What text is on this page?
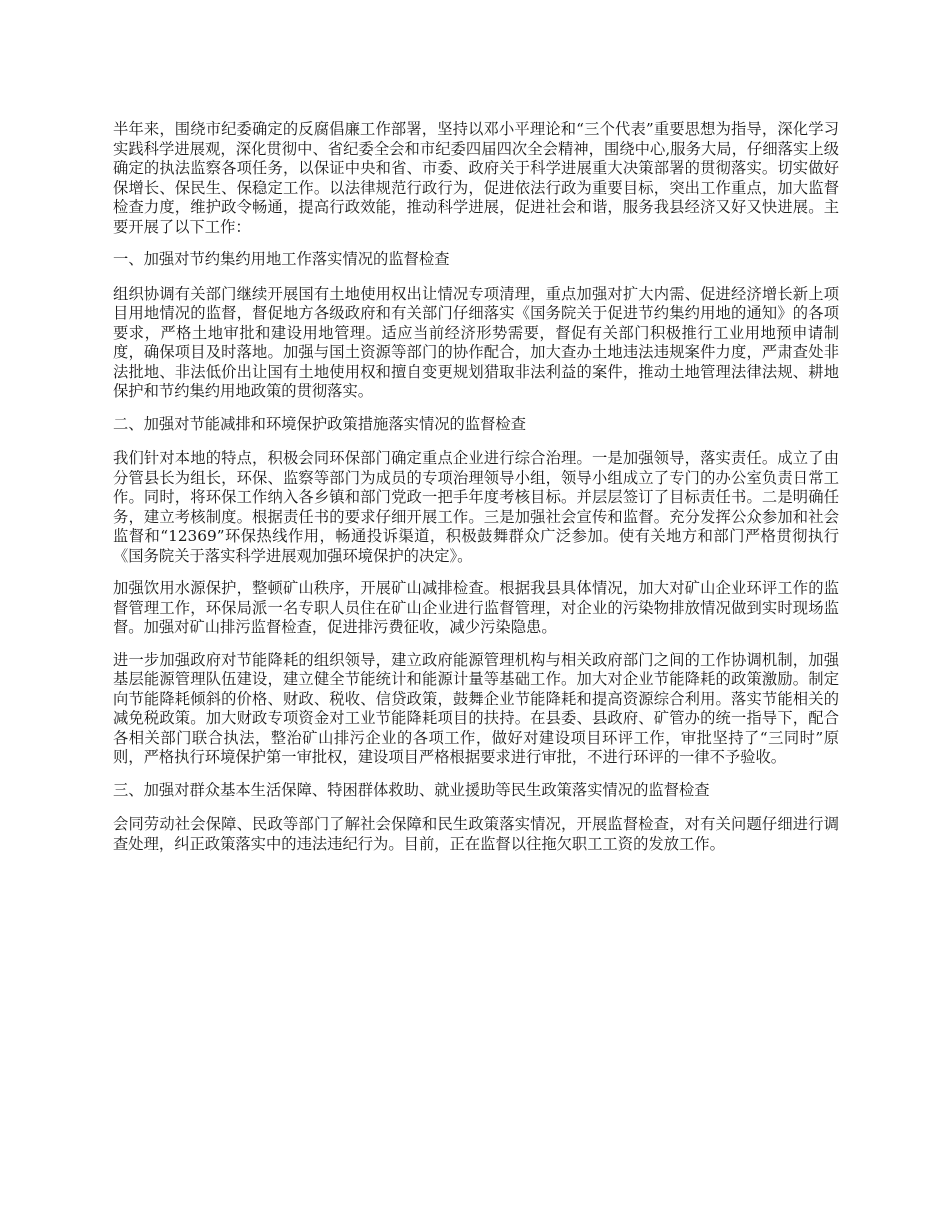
半年来，围绕市纪委确定的反腐倡廉工作部署，坚持以邓小平理论和“三个代表”重要思想为指导，深化学习实践科学进展观，深化贯彻中、省纪委全会和市纪委四届四次全会精神，围绕中心,服务大局，仔细落实上级确定的执法监察各项任务，以保证中央和省、市委、政府关于科学进展重大决策部署的贯彻落实。切实做好保增长、保民生、保稳定工作。以法律规范行政行为，促进依法行政为重要目标，突出工作重点，加大监督检查力度，维护政令畅通，提高行政效能，推动科学进展，促进社会和谐，服务我县经济又好又快进展。主要开展了以下工作：

一、加强对节约集约用地工作落实情况的监督检查

组织协调有关部门继续开展国有土地使用权出让情况专项清理，重点加强对扩大内需、促进经济增长新上项目用地情况的监督，督促地方各级政府和有关部门仔细落实《国务院关于促进节约集约用地的通知》的各项要求，严格土地审批和建设用地管理。适应当前经济形势需要，督促有关部门积极推行工业用地预申请制度，确保项目及时落地。加强与国土资源等部门的协作配合，加大查办土地违法违规案件力度，严肃查处非法批地、非法低价出让国有土地使用权和擅自变更规划猎取非法利益的案件，推动土地管理法律法规、耕地保护和节约集约用地政策的贯彻落实。

二、加强对节能减排和环境保护政策措施落实情况的监督检查

我们针对本地的特点，积极会同环保部门确定重点企业进行综合治理。一是加强领导，落实责任。成立了由分管县长为组长，环保、监察等部门为成员的专项治理领导小组，领导小组成立了专门的办公室负责日常工作。同时，将环保工作纳入各乡镇和部门党政一把手年度考核目标。并层层签订了目标责任书。二是明确任务，建立考核制度。根据责任书的要求仔细开展工作。三是加强社会宣传和监督。充分发挥公众参加和社会监督和“12369”环保热线作用，畅通投诉渠道，积极鼓舞群众广泛参加。使有关地方和部门严格贯彻执行《国务院关于落实科学进展观加强环境保护的决定》。

加强饮用水源保护，整顿矿山秩序，开展矿山减排检查。根据我县具体情况，加大对矿山企业环评工作的监督管理工作，环保局派一名专职人员住在矿山企业进行监督管理，对企业的污染物排放情况做到实时现场监督。加强对矿山排污监督检查，促进排污费征收，减少污染隐患。

进一步加强政府对节能降耗的组织领导，建立政府能源管理机构与相关政府部门之间的工作协调机制，加强基层能源管理队伍建设，建立健全节能统计和能源计量等基础工作。加大对企业节能降耗的政策激励。制定向节能降耗倾斜的价格、财政、税收、信贷政策，鼓舞企业节能降耗和提高资源综合利用。落实节能相关的减免税政策。加大财政专项资金对工业节能降耗项目的扶持。在县委、县政府、矿管办的统一指导下，配合各相关部门联合执法，整治矿山排污企业的各项工作，做好对建设项目环评工作，审批坚持了“三同时”原则，严格执行环境保护第一审批权，建设项目严格根据要求进行审批，不进行环评的一律不予验收。

三、加强对群众基本生活保障、特困群体救助、就业援助等民生政策落实情况的监督检查

会同劳动社会保障、民政等部门了解社会保障和民生政策落实情况，开展监督检查，对有关问题仔细进行调查处理，纠正政策落实中的违法违纪行为。目前，正在监督以往拖欠职工工资的发放工作。
